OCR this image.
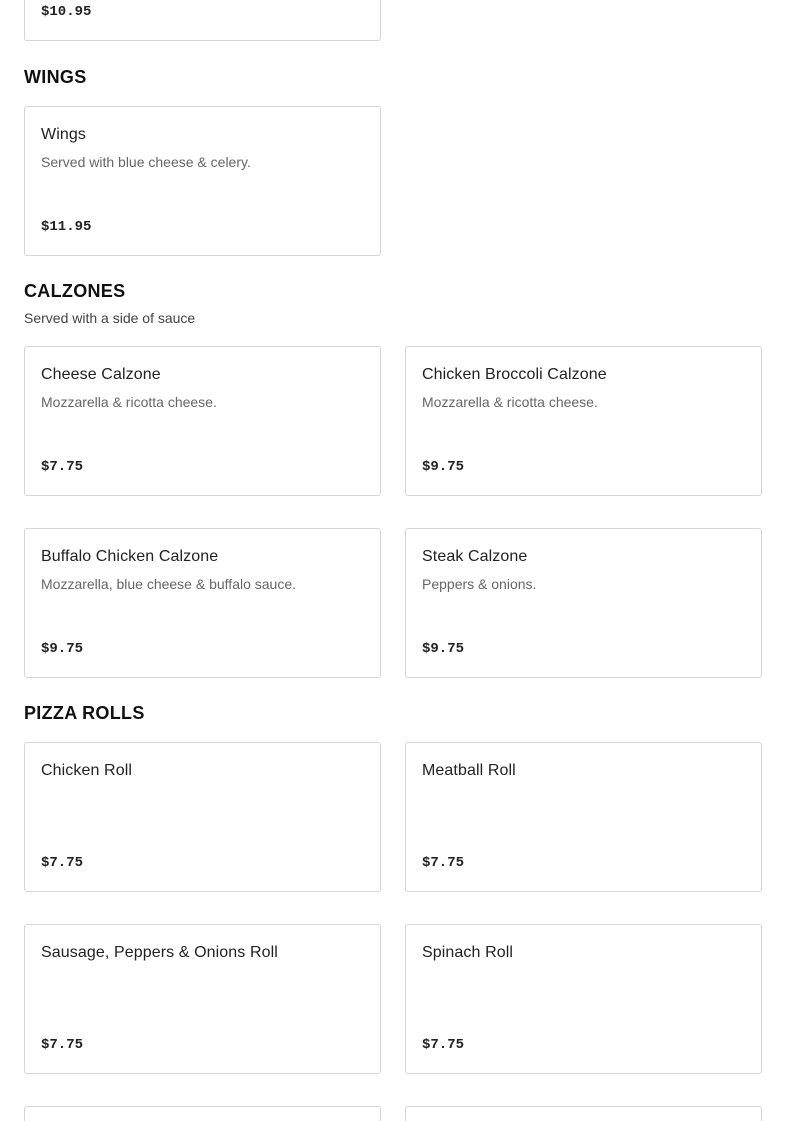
$10.95
WINGS
Wings
Served with blue cheese & celery.
$11.95
CALZONES

Served with a side of sauce

Cheese Calzone
Mozzarella & ricotta cheese.
$7.75
Chicken Broccoli Calzone
Mozzarella & ricotta cheese.
$9.75
Buffalo Chicken Calzone
Mozzarella, blue cheese & buffalo sauce.
$9.75
Steak Calzone
Peppers & onions.
$9.75
PIZZA ROLLS
Chicken Roll
$7.75
Meatball Roll
$7.75
Sausage, Peppers & Onions Roll
$7.75
Spinach Roll
$7.75
